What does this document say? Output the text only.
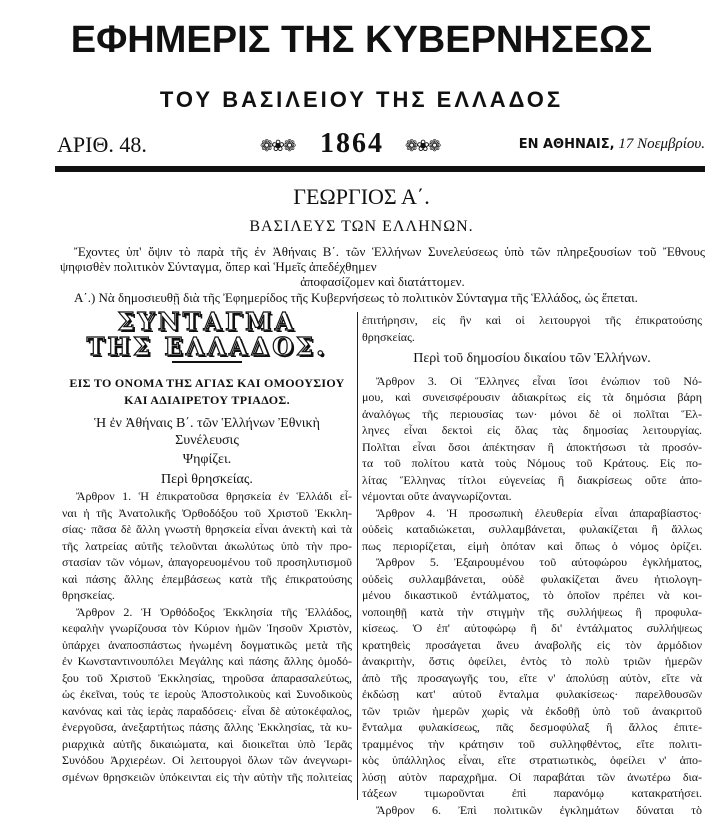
ΕΦΗΜΕΡΙΣ ΤΗΣ ΚΥΒΕΡΝΗΣΕΩΣ
ΤΟΥ ΒΑΣΙΛΕΙΟΥ ΤΗΣ ΕΛΛΑΔΟΣ
ΑΡΙΘ. 48.	❁❀❁ 1864 ❁❀❁	ΕΝ ΑΘΗΝΑΙΣ, 17 Νοεμβρίου.
ΓΕΩΡΓΙΟΣ Α΄.
ΒΑΣΙΛΕΥΣ ΤΩΝ ΕΛΛΗΝΩΝ.
Ἔχοντες ὑπ' ὄψιν τὸ παρὰ τῆς ἐν Ἀθήναις Β΄. τῶν Ἑλλήνων Συνελεύσεως ὑπὸ τῶν πληρεξουσίων τοῦ Ἔθνους
ψηφισθὲν πολιτικὸν Σύνταγμα, ὅπερ καὶ Ἡμεῖς ἀπεδέχθημεν
ἀποφασίζομεν καὶ διατάττομεν.
Α΄.) Νὰ δημοσιευθῇ διὰ τῆς Ἐφημερίδος τῆς Κυβερνήσεως τὸ πολιτικὸν Σύνταγμα τῆς Ἑλλάδος, ὡς ἕπεται.
ΣΥΝΤΑΓΜΑ
ΤΗΣ ΕΛΛΑΔΟΣ.
ΕΙΣ ΤΟ ΟΝΟΜΑ ΤΗΣ ΑΓΙΑΣ ΚΑΙ ΟΜΟΟΥΣΙΟΥ
ΚΑΙ ΑΔΙΑΙΡΕΤΟΥ ΤΡΙΑΔΟΣ.
Ἡ ἐν Ἀθήναις Β΄. τῶν Ἑλλήνων Ἐθνικὴ Συνέλευσις
Ψηφίζει.
Περὶ θρησκείας.
Ἄρθρον 1. Ἡ ἐπικρατοῦσα θρησκεία ἐν Ἑλλάδι εἶ-
ναι ἡ τῆς Ἀνατολικῆς Ὀρθοδόξου τοῦ Χριστοῦ Ἐκκλη-
σίας· πᾶσα δὲ ἄλλη γνωστὴ θρησκεία εἶναι ἀνεκτὴ καὶ τὰ
τῆς λατρείας αὐτῆς τελοῦνται ἀκωλύτως ὑπὸ τὴν προ-
στασίαν τῶν νόμων, ἀπαγορευομένου τοῦ προσηλυτισμοῦ
καὶ πάσης ἄλλης ἐπεμβάσεως κατὰ τῆς ἐπικρατούσης
θρησκείας.
Ἄρθρον 2. Ἡ Ὀρθόδοξος Ἐκκλησία τῆς Ἑλλάδος,
κεφαλὴν γνωρίζουσα τὸν Κύριον ἡμῶν Ἰησοῦν Χριστὸν,
ὑπάρχει ἀναποσπάστως ἡνωμένη δογματικῶς μετὰ τῆς
ἐν Κωνσταντινουπόλει Μεγάλης καὶ πάσης ἄλλης ὁμοδό-
ξου τοῦ Χριστοῦ Ἐκκλησίας, τηροῦσα ἀπαρασαλεύτως,
ὡς ἐκεῖναι, τούς τε ἱεροὺς Ἀποστολικοὺς καὶ Συνοδικοὺς
κανόνας καὶ τὰς ἱερὰς παραδόσεις· εἶναι δὲ αὐτοκέφαλος,
ἐνεργοῦσα, ἀνεξαρτήτως πάσης ἄλλης Ἐκκλησίας, τὰ κυ-
ριαρχικὰ αὐτῆς δικαιώματα, καὶ διοικεῖται ὑπὸ Ἱερᾶς
Συνόδου Ἀρχιερέων. Οἱ λειτουργοὶ ὅλων τῶν ἀνεγνωρι-
σμένων θρησκειῶν ὑπόκεινται εἰς τὴν αὐτὴν τῆς πολιτείας
ἐπιτήρησιν, εἰς ἣν καὶ οἱ λειτουργοὶ τῆς ἐπικρατούσης
θρησκείας.
Περὶ τοῦ δημοσίου δικαίου τῶν Ἑλλήνων.
Ἄρθρον 3. Οἱ Ἕλληνες εἶναι ἴσοι ἐνώπιον τοῦ Νό-
μου, καὶ συνεισφέρουσιν ἀδιακρίτως εἰς τὰ δημόσια βάρη
ἀναλόγως τῆς περιουσίας των· μόνοι δὲ οἱ πολῖται Ἕλ-
ληνες εἶναι δεκτοὶ εἰς ὅλας τὰς δημοσίας λειτουργίας.
Πολῖται εἶναι ὅσοι ἀπέκτησαν ἢ ἀποκτήσωσι τὰ προσόν-
τα τοῦ πολίτου κατὰ τοὺς Νόμους τοῦ Κράτους. Εἰς πο-
λίτας Ἕλληνας τίτλοι εὐγενείας ἢ διακρίσεως οὔτε ἀπο-
νέμονται οὔτε ἀναγνωρίζονται.
Ἄρθρον 4. Ἡ προσωπικὴ ἐλευθερία εἶναι ἀπαραβίαστος·
οὐδεὶς καταδιώκεται, συλλαμβάνεται, φυλακίζεται ἢ ἄλλως
πως περιορίζεται, εἰμὴ ὁπόταν καὶ ὅπως ὁ νόμος ὁρίζει.
Ἄρθρον 5. Ἐξαιρουμένου τοῦ αὐτοφώρου ἐγκλήματος,
οὐδεὶς συλλαμβάνεται, οὐδὲ φυλακίζεται ἄνευ ἠτιολογη-
μένου δικαστικοῦ ἐντάλματος, τὸ ὁποῖον πρέπει νὰ κοι-
νοποιηθῇ κατὰ τὴν στιγμὴν τῆς συλλήψεως ἢ προφυλα-
κίσεως. Ὁ ἐπ' αὐτοφώρῳ ἢ δι' ἐντάλματος συλλήψεως
κρατηθεὶς προσάγεται ἄνευ ἀναβολῆς εἰς τὸν ἁρμόδιον
ἀνακριτὴν, ὅστις ὀφείλει, ἐντὸς τὸ πολὺ τριῶν ἡμερῶν
ἀπὸ τῆς προσαγωγῆς του, εἴτε ν' ἀπολύσῃ αὐτὸν, εἴτε νὰ
ἐκδώσῃ κατ' αὐτοῦ ἔνταλμα φυλακίσεως· παρελθουσῶν
τῶν τριῶν ἡμερῶν χωρὶς νὰ ἐκδοθῇ ὑπὸ τοῦ ἀνακριτοῦ
ἔνταλμα φυλακίσεως, πᾶς δεσμοφύλαξ ἢ ἄλλος ἐπιτε-
τραμμένος τὴν κράτησιν τοῦ συλληφθέντος, εἴτε πολιτι-
κὸς ὑπάλληλος εἶναι, εἴτε στρατιωτικὸς, ὀφείλει ν' ἀπο-
λύσῃ αὐτὸν παραχρῆμα. Οἱ παραβάται τῶν ἀνωτέρω δια-
τάξεων τιμωροῦνται ἐπὶ παρανόμῳ κατακρατήσει.
Ἄρθρον 6. Ἐπὶ πολιτικῶν ἐγκλημάτων δύναται τὸ
